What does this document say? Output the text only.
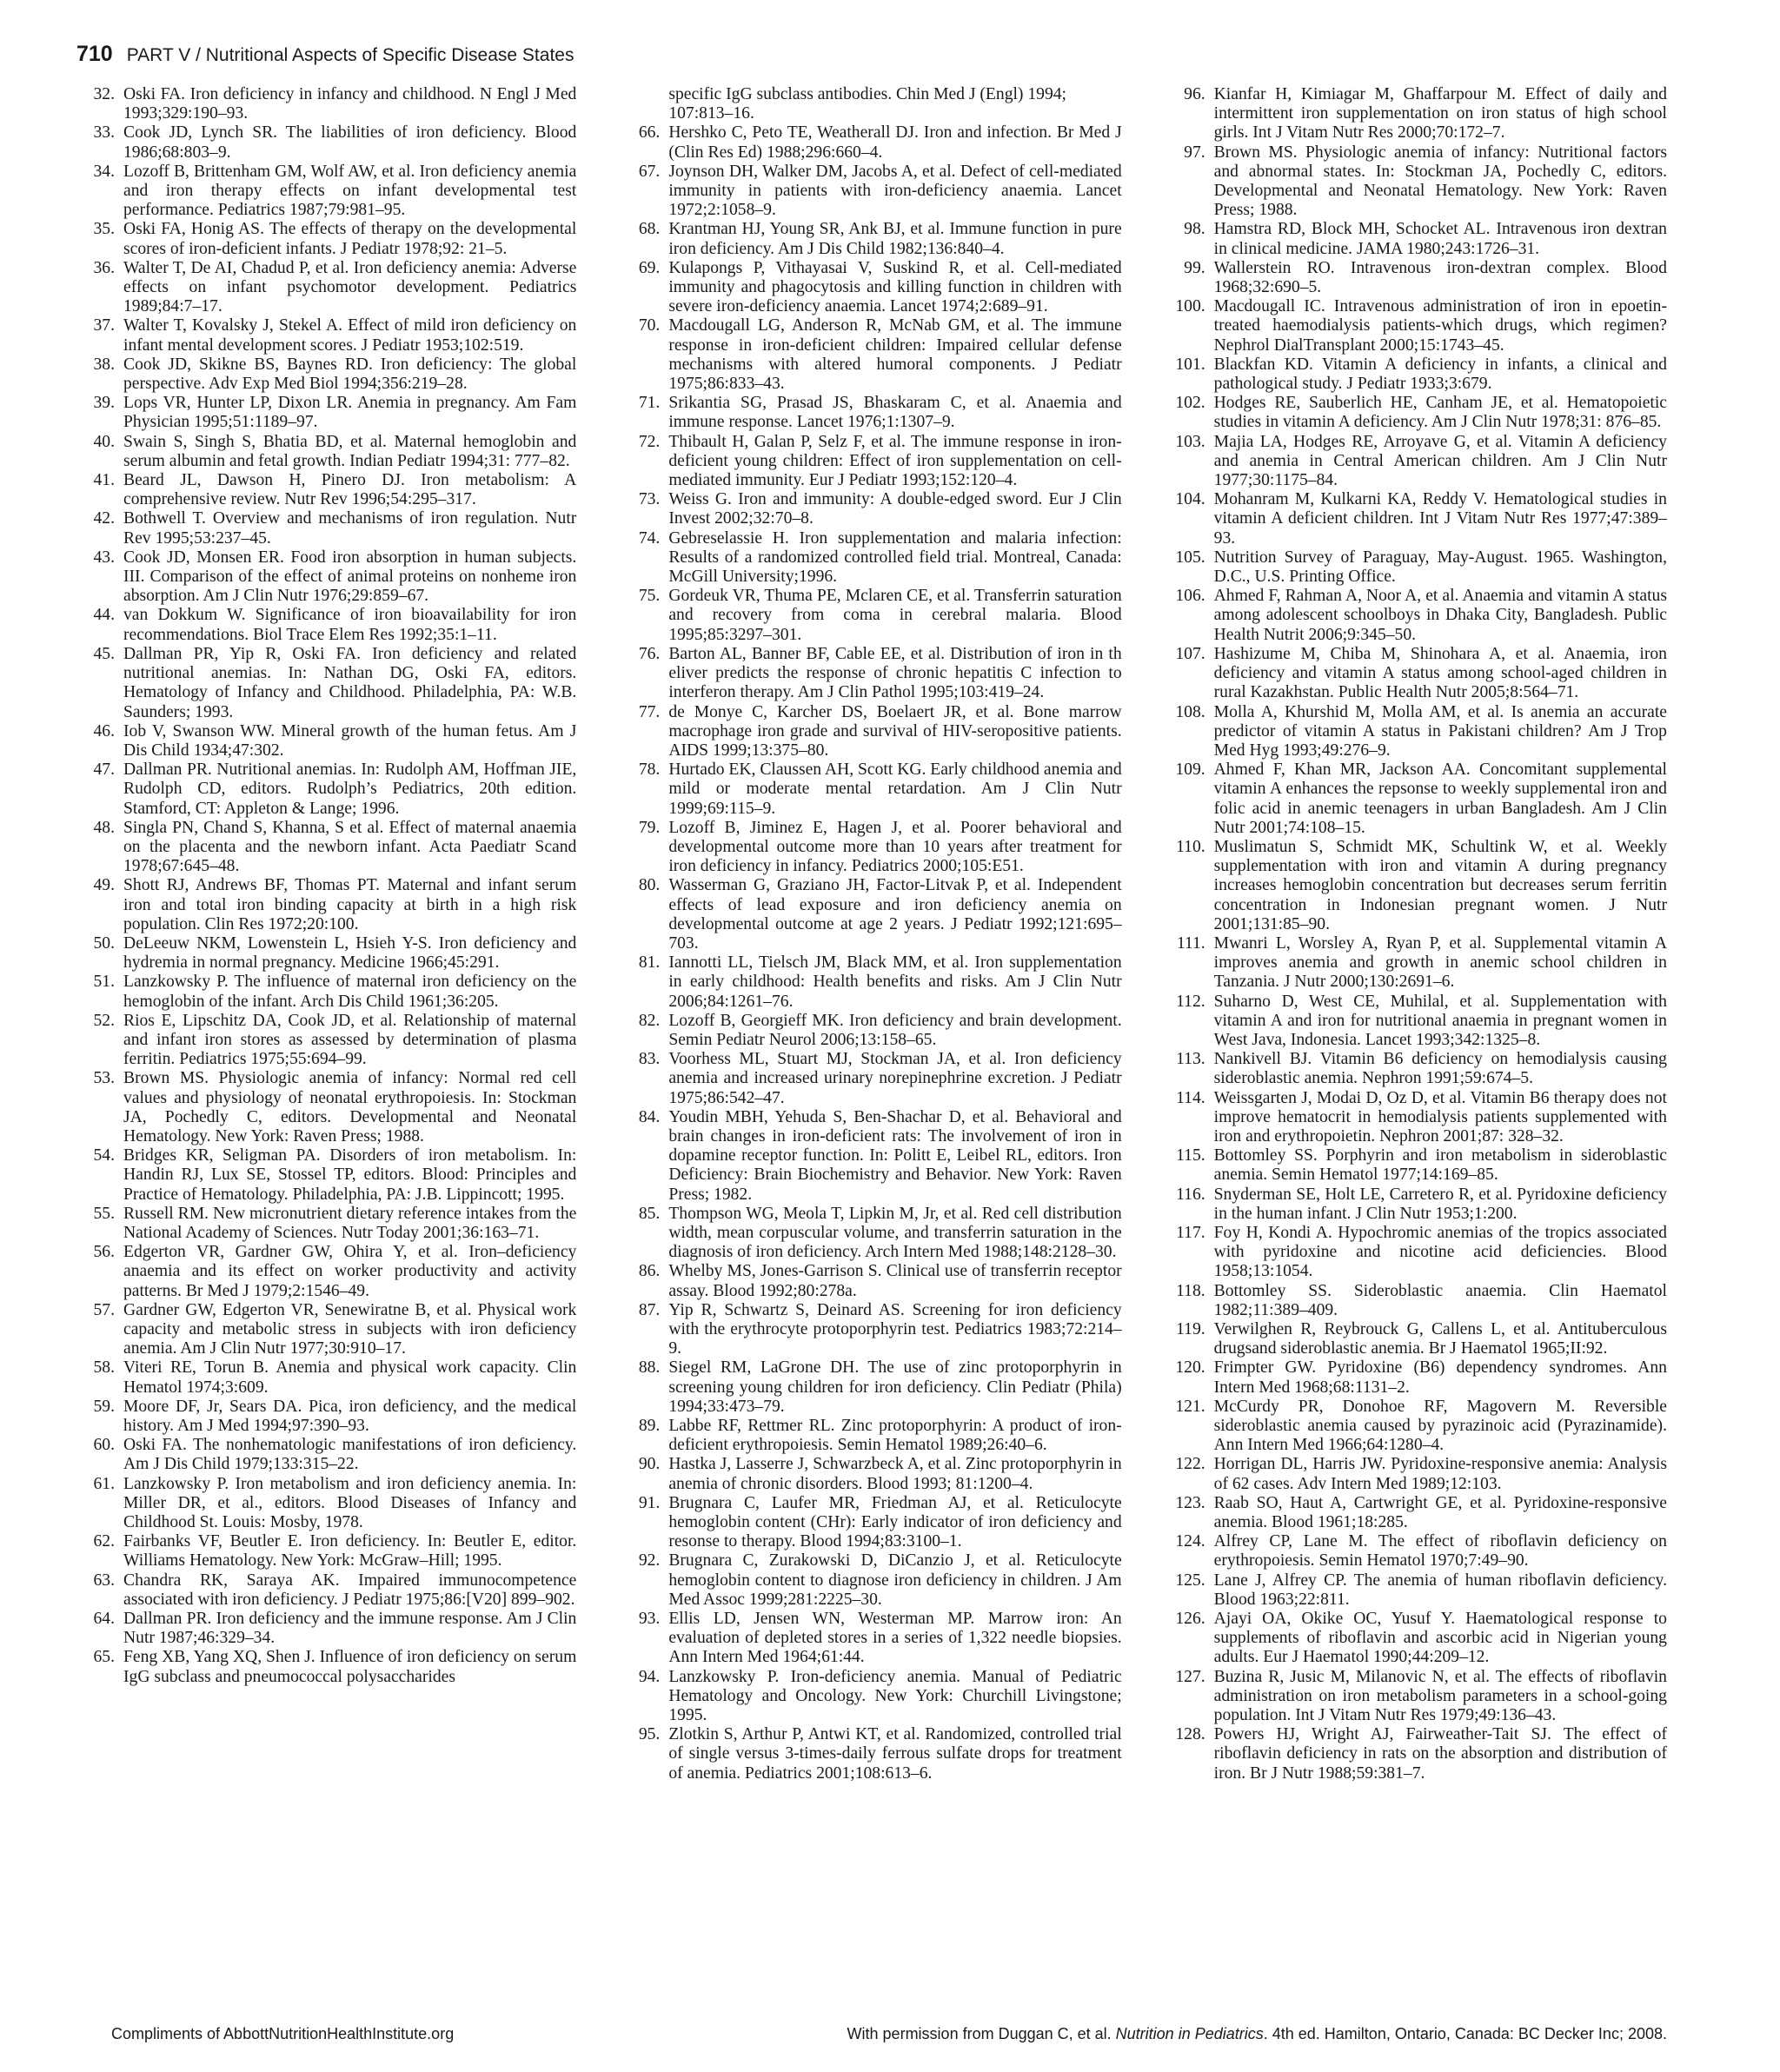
710 PART V / Nutritional Aspects of Specific Disease States
32. Oski FA. Iron deficiency in infancy and childhood. N Engl J Med 1993;329:190–93.
33. Cook JD, Lynch SR. The liabilities of iron deficiency. Blood 1986;68:803–9.
34. Lozoff B, Brittenham GM, Wolf AW, et al. Iron deficiency anemia and iron therapy effects on infant developmental test performance. Pediatrics 1987;79:981–95.
35. Oski FA, Honig AS. The effects of therapy on the developmental scores of iron-deficient infants. J Pediatr 1978;92: 21–5.
36. Walter T, De AI, Chadud P, et al. Iron deficiency anemia: Adverse effects on infant psychomotor development. Pediatrics 1989;84:7–17.
37. Walter T, Kovalsky J, Stekel A. Effect of mild iron deficiency on infant mental development scores. J Pediatr 1953;102:519.
38. Cook JD, Skikne BS, Baynes RD. Iron deficiency: The global perspective. Adv Exp Med Biol 1994;356:219–28.
39. Lops VR, Hunter LP, Dixon LR. Anemia in pregnancy. Am Fam Physician 1995;51:1189–97.
40. Swain S, Singh S, Bhatia BD, et al. Maternal hemoglobin and serum albumin and fetal growth. Indian Pediatr 1994;31: 777–82.
41. Beard JL, Dawson H, Pinero DJ. Iron metabolism: A comprehensive review. Nutr Rev 1996;54:295–317.
42. Bothwell T. Overview and mechanisms of iron regulation. Nutr Rev 1995;53:237–45.
43. Cook JD, Monsen ER. Food iron absorption in human subjects. III. Comparison of the effect of animal proteins on nonheme iron absorption. Am J Clin Nutr 1976;29:859–67.
44. van Dokkum W. Significance of iron bioavailability for iron recommendations. Biol Trace Elem Res 1992;35:1–11.
45. Dallman PR, Yip R, Oski FA. Iron deficiency and related nutritional anemias. In: Nathan DG, Oski FA, editors. Hematology of Infancy and Childhood. Philadelphia, PA: W.B. Saunders; 1993.
46. Iob V, Swanson WW. Mineral growth of the human fetus. Am J Dis Child 1934;47:302.
47. Dallman PR. Nutritional anemias. In: Rudolph AM, Hoffman JIE, Rudolph CD, editors. Rudolph’s Pediatrics, 20th edition. Stamford, CT: Appleton & Lange; 1996.
48. Singla PN, Chand S, Khanna, S et al. Effect of maternal anaemia on the placenta and the newborn infant. Acta Paediatr Scand 1978;67:645–48.
49. Shott RJ, Andrews BF, Thomas PT. Maternal and infant serum iron and total iron binding capacity at birth in a high risk population. Clin Res 1972;20:100.
50. DeLeeuw NKM, Lowenstein L, Hsieh Y-S. Iron deficiency and hydremia in normal pregnancy. Medicine 1966;45:291.
51. Lanzkowsky P. The influence of maternal iron deficiency on the hemoglobin of the infant. Arch Dis Child 1961;36:205.
52. Rios E, Lipschitz DA, Cook JD, et al. Relationship of maternal and infant iron stores as assessed by determination of plasma ferritin. Pediatrics 1975;55:694–99.
53. Brown MS. Physiologic anemia of infancy: Normal red cell values and physiology of neonatal erythropoiesis. In: Stockman JA, Pochedly C, editors. Developmental and Neonatal Hematology. New York: Raven Press; 1988.
54. Bridges KR, Seligman PA. Disorders of iron metabolism. In: Handin RJ, Lux SE, Stossel TP, editors. Blood: Principles and Practice of Hematology. Philadelphia, PA: J.B. Lippincott; 1995.
55. Russell RM. New micronutrient dietary reference intakes from the National Academy of Sciences. Nutr Today 2001;36:163–71.
56. Edgerton VR, Gardner GW, Ohira Y, et al. Iron–deficiency anaemia and its effect on worker productivity and activity patterns. Br Med J 1979;2:1546–49.
57. Gardner GW, Edgerton VR, Senewiratne B, et al. Physical work capacity and metabolic stress in subjects with iron deficiency anemia. Am J Clin Nutr 1977;30:910–17.
58. Viteri RE, Torun B. Anemia and physical work capacity. Clin Hematol 1974;3:609.
59. Moore DF, Jr, Sears DA. Pica, iron deficiency, and the medical history. Am J Med 1994;97:390–93.
60. Oski FA. The nonhematologic manifestations of iron deficiency. Am J Dis Child 1979;133:315–22.
61. Lanzkowsky P. Iron metabolism and iron deficiency anemia. In: Miller DR, et al., editors. Blood Diseases of Infancy and Childhood St. Louis: Mosby, 1978.
62. Fairbanks VF, Beutler E. Iron deficiency. In: Beutler E, editor. Williams Hematology. New York: McGraw–Hill; 1995.
63. Chandra RK, Saraya AK. Impaired immunocompetence associated with iron deficiency. J Pediatr 1975;86:[V20] 899–902.
64. Dallman PR. Iron deficiency and the immune response. Am J Clin Nutr 1987;46:329–34.
65. Feng XB, Yang XQ, Shen J. Influence of iron deficiency on serum IgG subclass and pneumococcal polysaccharides
specific IgG subclass antibodies. Chin Med J (Engl) 1994; 107:813–16.
66. Hershko C, Peto TE, Weatherall DJ. Iron and infection. Br Med J (Clin Res Ed) 1988;296:660–4.
67. Joynson DH, Walker DM, Jacobs A, et al. Defect of cell-mediated immunity in patients with iron-deficiency anaemia. Lancet 1972;2:1058–9.
68. Krantman HJ, Young SR, Ank BJ, et al. Immune function in pure iron deficiency. Am J Dis Child 1982;136:840–4.
69. Kulapongs P, Vithayasai V, Suskind R, et al. Cell-mediated immunity and phagocytosis and killing function in children with severe iron-deficiency anaemia. Lancet 1974;2:689–91.
70. Macdougall LG, Anderson R, McNab GM, et al. The immune response in iron-deficient children: Impaired cellular defense mechanisms with altered humoral components. J Pediatr 1975;86:833–43.
71. Srikantia SG, Prasad JS, Bhaskaram C, et al. Anaemia and immune response. Lancet 1976;1:1307–9.
72. Thibault H, Galan P, Selz F, et al. The immune response in iron-deficient young children: Effect of iron supplementation on cell-mediated immunity. Eur J Pediatr 1993;152:120–4.
73. Weiss G. Iron and immunity: A double-edged sword. Eur J Clin Invest 2002;32:70–8.
74. Gebreselassie H. Iron supplementation and malaria infection: Results of a randomized controlled field trial. Montreal, Canada: McGill University;1996.
75. Gordeuk VR, Thuma PE, Mclaren CE, et al. Transferrin saturation and recovery from coma in cerebral malaria. Blood 1995;85:3297–301.
76. Barton AL, Banner BF, Cable EE, et al. Distribution of iron in th eliver predicts the response of chronic hepatitis C infection to interferon therapy. Am J Clin Pathol 1995;103:419–24.
77. de Monye C, Karcher DS, Boelaert JR, et al. Bone marrow macrophage iron grade and survival of HIV-seropositive patients. AIDS 1999;13:375–80.
78. Hurtado EK, Claussen AH, Scott KG. Early childhood anemia and mild or moderate mental retardation. Am J Clin Nutr 1999;69:115–9.
79. Lozoff B, Jiminez E, Hagen J, et al. Poorer behavioral and developmental outcome more than 10 years after treatment for iron deficiency in infancy. Pediatrics 2000;105:E51.
80. Wasserman G, Graziano JH, Factor-Litvak P, et al. Independent effects of lead exposure and iron deficiency anemia on developmental outcome at age 2 years. J Pediatr 1992;121:695–703.
81. Iannotti LL, Tielsch JM, Black MM, et al. Iron supplementation in early childhood: Health benefits and risks. Am J Clin Nutr 2006;84:1261–76.
82. Lozoff B, Georgieff MK. Iron deficiency and brain development. Semin Pediatr Neurol 2006;13:158–65.
83. Voorhess ML, Stuart MJ, Stockman JA, et al. Iron deficiency anemia and increased urinary norepinephrine excretion. J Pediatr 1975;86:542–47.
84. Youdin MBH, Yehuda S, Ben-Shachar D, et al. Behavioral and brain changes in iron-deficient rats: The involvement of iron in dopamine receptor function. In: Politt E, Leibel RL, editors. Iron Deficiency: Brain Biochemistry and Behavior. New York: Raven Press; 1982.
85. Thompson WG, Meola T, Lipkin M, Jr, et al. Red cell distribution width, mean corpuscular volume, and transferrin saturation in the diagnosis of iron deficiency. Arch Intern Med 1988;148:2128–30.
86. Whelby MS, Jones-Garrison S. Clinical use of transferrin receptor assay. Blood 1992;80:278a.
87. Yip R, Schwartz S, Deinard AS. Screening for iron deficiency with the erythrocyte protoporphyrin test. Pediatrics 1983;72:214–9.
88. Siegel RM, LaGrone DH. The use of zinc protoporphyrin in screening young children for iron deficiency. Clin Pediatr (Phila) 1994;33:473–79.
89. Labbe RF, Rettmer RL. Zinc protoporphyrin: A product of iron-deficient erythropoiesis. Semin Hematol 1989;26:40–6.
90. Hastka J, Lasserre J, Schwarzbeck A, et al. Zinc protoporphyrin in anemia of chronic disorders. Blood 1993; 81:1200–4.
91. Brugnara C, Laufer MR, Friedman AJ, et al. Reticulocyte hemoglobin content (CHr): Early indicator of iron deficiency and resonse to therapy. Blood 1994;83:3100–1.
92. Brugnara C, Zurakowski D, DiCanzio J, et al. Reticulocyte hemoglobin content to diagnose iron deficiency in children. J Am Med Assoc 1999;281:2225–30.
93. Ellis LD, Jensen WN, Westerman MP. Marrow iron: An evaluation of depleted stores in a series of 1,322 needle biopsies. Ann Intern Med 1964;61:44.
94. Lanzkowsky P. Iron-deficiency anemia. Manual of Pediatric Hematology and Oncology. New York: Churchill Livingstone; 1995.
95. Zlotkin S, Arthur P, Antwi KT, et al. Randomized, controlled trial of single versus 3-times-daily ferrous sulfate drops for treatment of anemia. Pediatrics 2001;108:613–6.
96. Kianfar H, Kimiagar M, Ghaffarpour M. Effect of daily and intermittent iron supplementation on iron status of high school girls. Int J Vitam Nutr Res 2000;70:172–7.
97. Brown MS. Physiologic anemia of infancy: Nutritional factors and abnormal states. In: Stockman JA, Pochedly C, editors. Developmental and Neonatal Hematology. New York: Raven Press; 1988.
98. Hamstra RD, Block MH, Schocket AL. Intravenous iron dextran in clinical medicine. JAMA 1980;243:1726–31.
99. Wallerstein RO. Intravenous iron-dextran complex. Blood 1968;32:690–5.
100. Macdougall IC. Intravenous administration of iron in epoetin-treated haemodialysis patients-which drugs, which regimen? Nephrol DialTransplant 2000;15:1743–45.
101. Blackfan KD. Vitamin A deficiency in infants, a clinical and pathological study. J Pediatr 1933;3:679.
102. Hodges RE, Sauberlich HE, Canham JE, et al. Hematopoietic studies in vitamin A deficiency. Am J Clin Nutr 1978;31: 876–85.
103. Majia LA, Hodges RE, Arroyave G, et al. Vitamin A deficiency and anemia in Central American children. Am J Clin Nutr 1977;30:1175–84.
104. Mohanram M, Kulkarni KA, Reddy V. Hematological studies in vitamin A deficient children. Int J Vitam Nutr Res 1977;47:389–93.
105. Nutrition Survey of Paraguay, May-August. 1965. Washington, D.C., U.S. Printing Office.
106. Ahmed F, Rahman A, Noor A, et al. Anaemia and vitamin A status among adolescent schoolboys in Dhaka City, Bangladesh. Public Health Nutrit 2006;9:345–50.
107. Hashizume M, Chiba M, Shinohara A, et al. Anaemia, iron deficiency and vitamin A status among school-aged children in rural Kazakhstan. Public Health Nutr 2005;8:564–71.
108. Molla A, Khurshid M, Molla AM, et al. Is anemia an accurate predictor of vitamin A status in Pakistani children? Am J Trop Med Hyg 1993;49:276–9.
109. Ahmed F, Khan MR, Jackson AA. Concomitant supplemental vitamin A enhances the repsonse to weekly supplemental iron and folic acid in anemic teenagers in urban Bangladesh. Am J Clin Nutr 2001;74:108–15.
110. Muslimatun S, Schmidt MK, Schultink W, et al. Weekly supplementation with iron and vitamin A during pregnancy increases hemoglobin concentration but decreases serum ferritin concentration in Indonesian pregnant women. J Nutr 2001;131:85–90.
111. Mwanri L, Worsley A, Ryan P, et al. Supplemental vitamin A improves anemia and growth in anemic school children in Tanzania. J Nutr 2000;130:2691–6.
112. Suharno D, West CE, Muhilal, et al. Supplementation with vitamin A and iron for nutritional anaemia in pregnant women in West Java, Indonesia. Lancet 1993;342:1325–8.
113. Nankivell BJ. Vitamin B6 deficiency on hemodialysis causing sideroblastic anemia. Nephron 1991;59:674–5.
114. Weissgarten J, Modai D, Oz D, et al. Vitamin B6 therapy does not improve hematocrit in hemodialysis patients supplemented with iron and erythropoietin. Nephron 2001;87: 328–32.
115. Bottomley SS. Porphyrin and iron metabolism in sideroblastic anemia. Semin Hematol 1977;14:169–85.
116. Snyderman SE, Holt LE, Carretero R, et al. Pyridoxine deficiency in the human infant. J Clin Nutr 1953;1:200.
117. Foy H, Kondi A. Hypochromic anemias of the tropics associated with pyridoxine and nicotine acid deficiencies. Blood 1958;13:1054.
118. Bottomley SS. Sideroblastic anaemia. Clin Haematol 1982;11:389–409.
119. Verwilghen R, Reybrouck G, Callens L, et al. Antituberculous drugsand sideroblastic anemia. Br J Haematol 1965;II:92.
120. Frimpter GW. Pyridoxine (B6) dependency syndromes. Ann Intern Med 1968;68:1131–2.
121. McCurdy PR, Donohoe RF, Magovern M. Reversible sideroblastic anemia caused by pyrazinoic acid (Pyrazinamide). Ann Intern Med 1966;64:1280–4.
122. Horrigan DL, Harris JW. Pyridoxine-responsive anemia: Analysis of 62 cases. Adv Intern Med 1989;12:103.
123. Raab SO, Haut A, Cartwright GE, et al. Pyridoxine-responsive anemia. Blood 1961;18:285.
124. Alfrey CP, Lane M. The effect of riboflavin deficiency on erythropoiesis. Semin Hematol 1970;7:49–90.
125. Lane J, Alfrey CP. The anemia of human riboflavin deficiency. Blood 1963;22:811.
126. Ajayi OA, Okike OC, Yusuf Y. Haematological response to supplements of riboflavin and ascorbic acid in Nigerian young adults. Eur J Haematol 1990;44:209–12.
127. Buzina R, Jusic M, Milanovic N, et al. The effects of riboflavin administration on iron metabolism parameters in a school-going population. Int J Vitam Nutr Res 1979;49:136–43.
128. Powers HJ, Wright AJ, Fairweather-Tait SJ. The effect of riboflavin deficiency in rats on the absorption and distribution of iron. Br J Nutr 1988;59:381–7.
Compliments of AbbottNutritionHealthInstitute.org	With permission from Duggan C, et al. Nutrition in Pediatrics. 4th ed. Hamilton, Ontario, Canada: BC Decker Inc; 2008.
